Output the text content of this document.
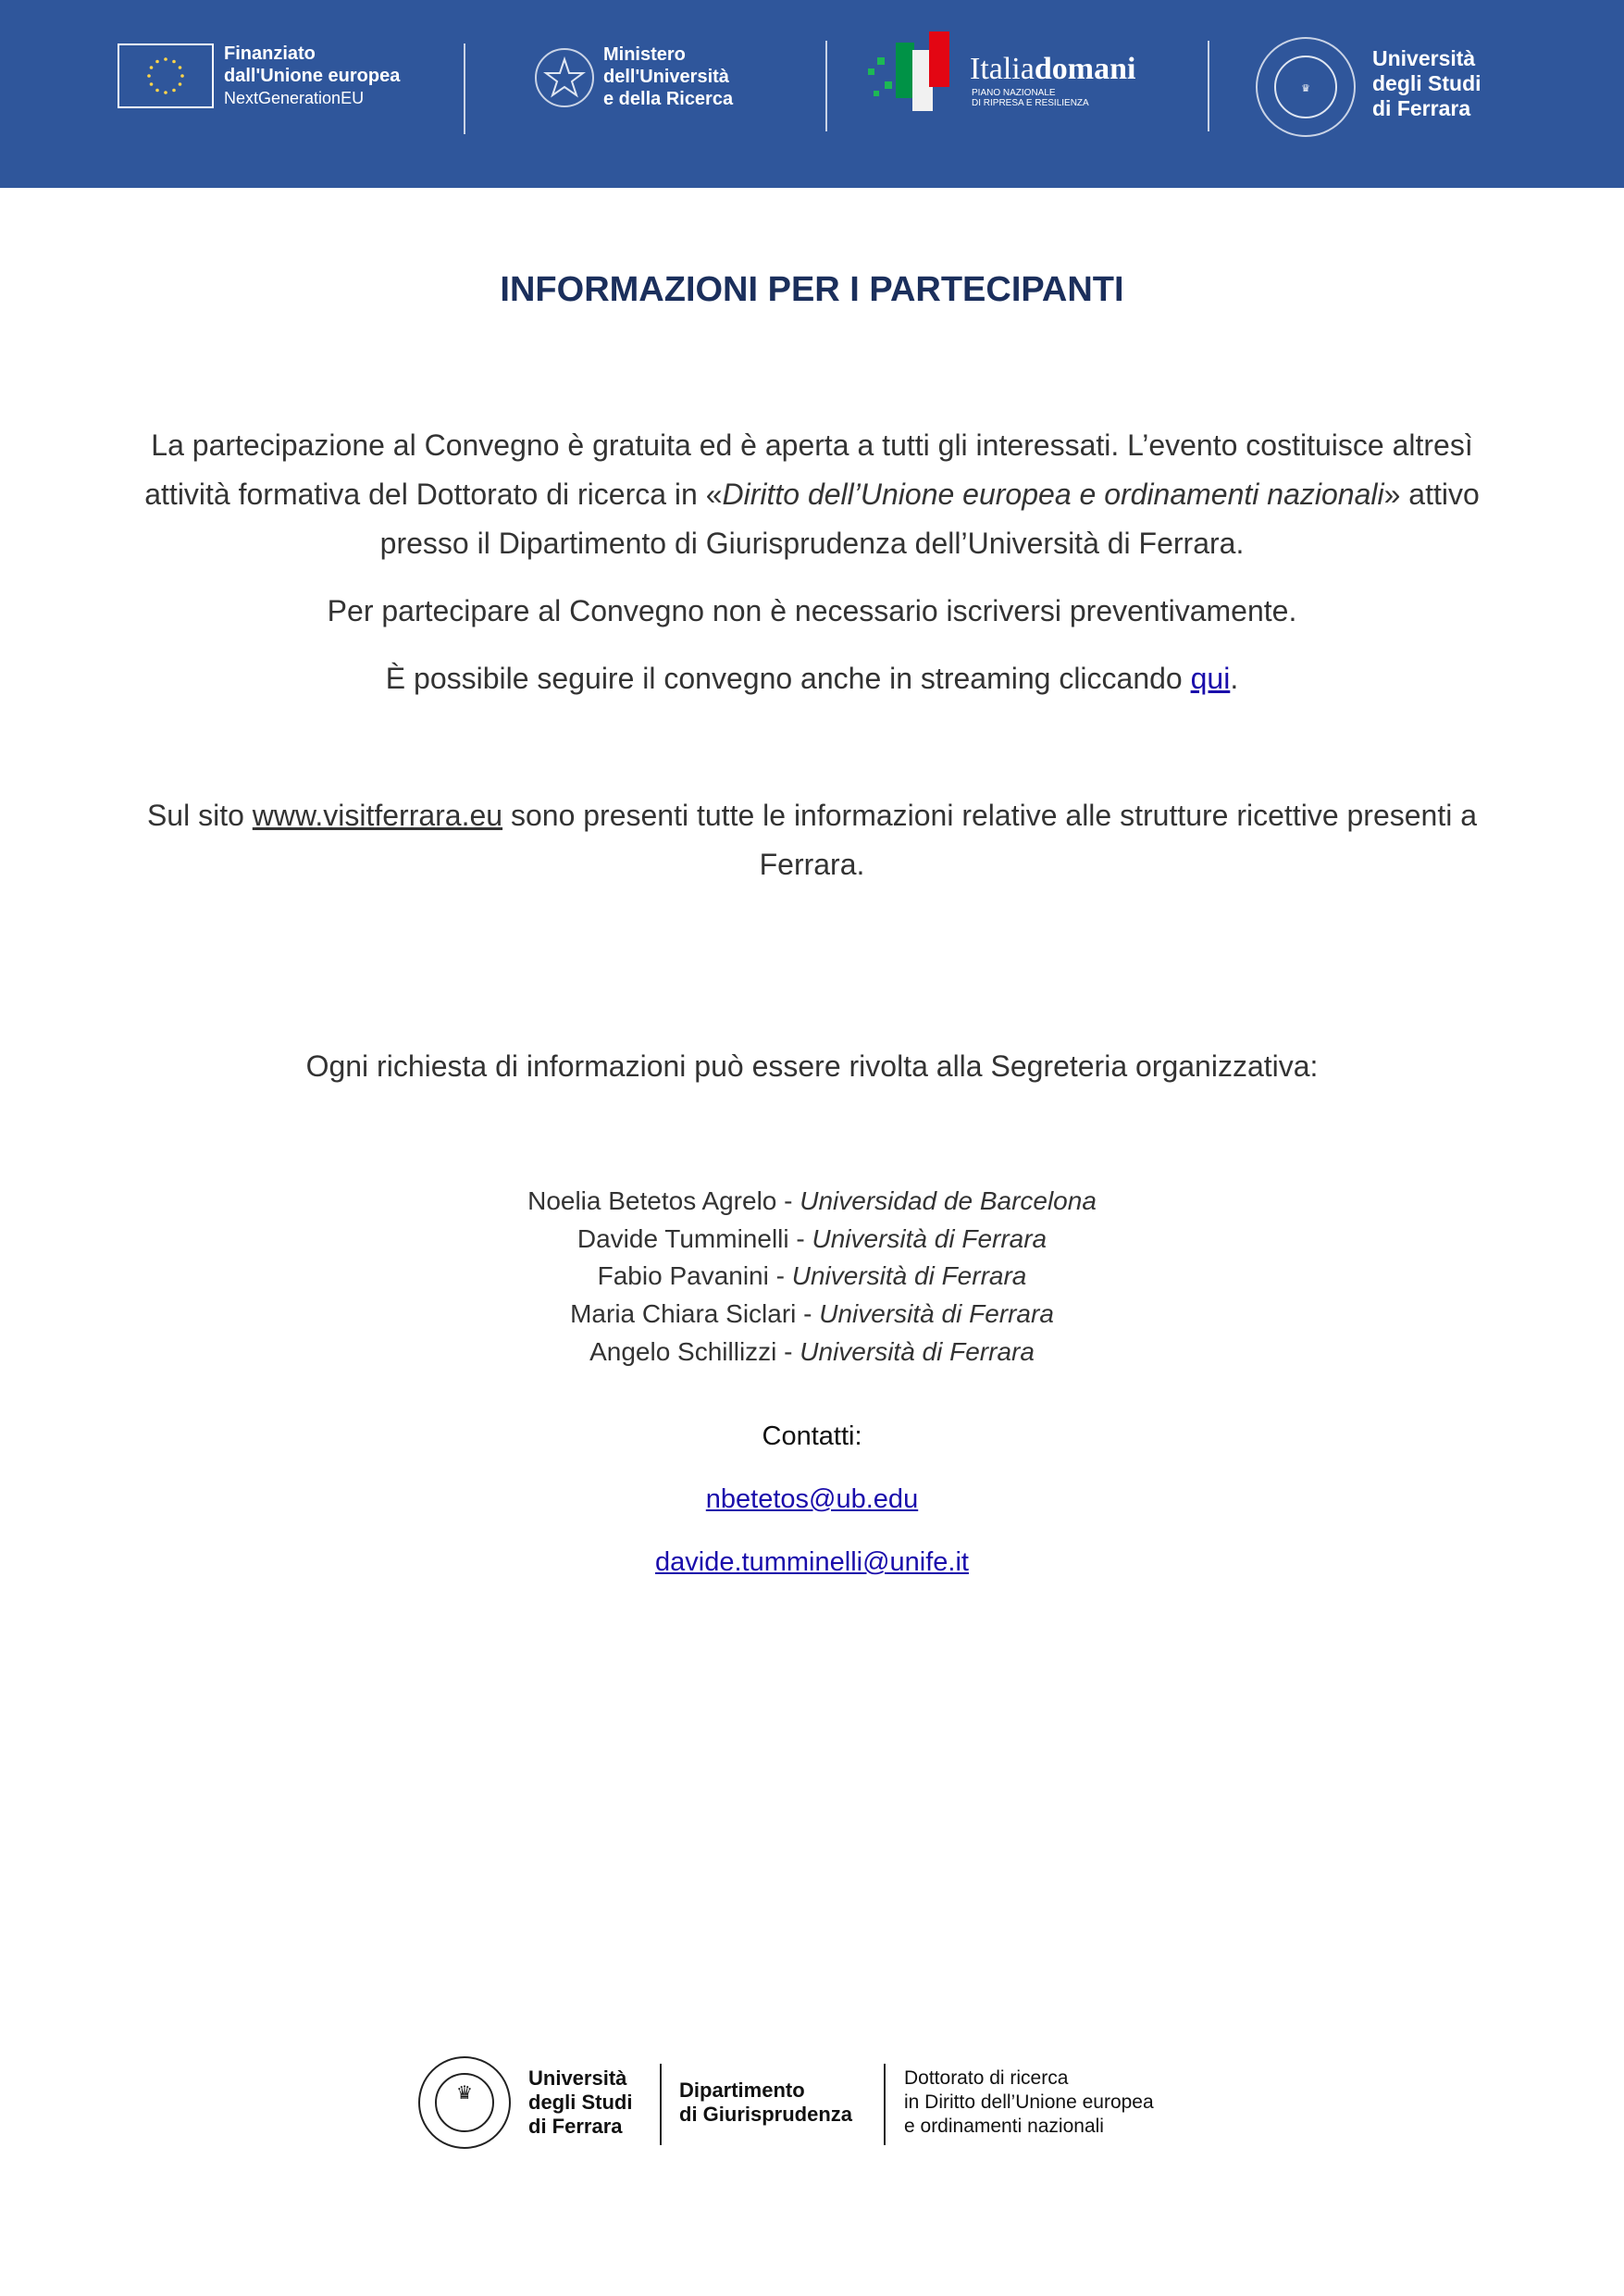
Finanziato
dall'Unione europea
NextGenerationEU
Ministero
dell'Università
e della Ricerca
Italiadomani
PIANO NAZIONALE
DI RIPRESA E RESILIENZA
♛
Università
degli Studi
di Ferrara
INFORMAZIONI PER I PARTECIPANTI
La partecipazione al Convegno è gratuita ed è aperta a tutti gli interessati. L’evento costituisce altresì attività formativa del Dottorato di ricerca in «Diritto dell’Unione europea e ordinamenti nazionali» attivo presso il Dipartimento di Giurisprudenza dell’Università di Ferrara.
Per partecipare al Convegno non è necessario iscriversi preventivamente.
È possibile seguire il convegno anche in streaming cliccando qui.
Sul sito www.visitferrara.eu sono presenti tutte le informazioni relative alle strutture ricettive presenti a Ferrara.
Ogni richiesta di informazioni può essere rivolta alla Segreteria organizzativa:
Noelia Betetos Agrelo - Universidad de Barcelona
Davide Tumminelli - Università di Ferrara
Fabio Pavanini - Università di Ferrara
Maria Chiara Siclari - Università di Ferrara
Angelo Schillizzi - Università di Ferrara
Contatti:
nbetetos@ub.edu
davide.tumminelli@unife.it
♛
Università
degli Studi
di Ferrara
Dipartimento
di Giurisprudenza
Dottorato di ricerca
in Diritto dell’Unione europea
e ordinamenti nazionali
